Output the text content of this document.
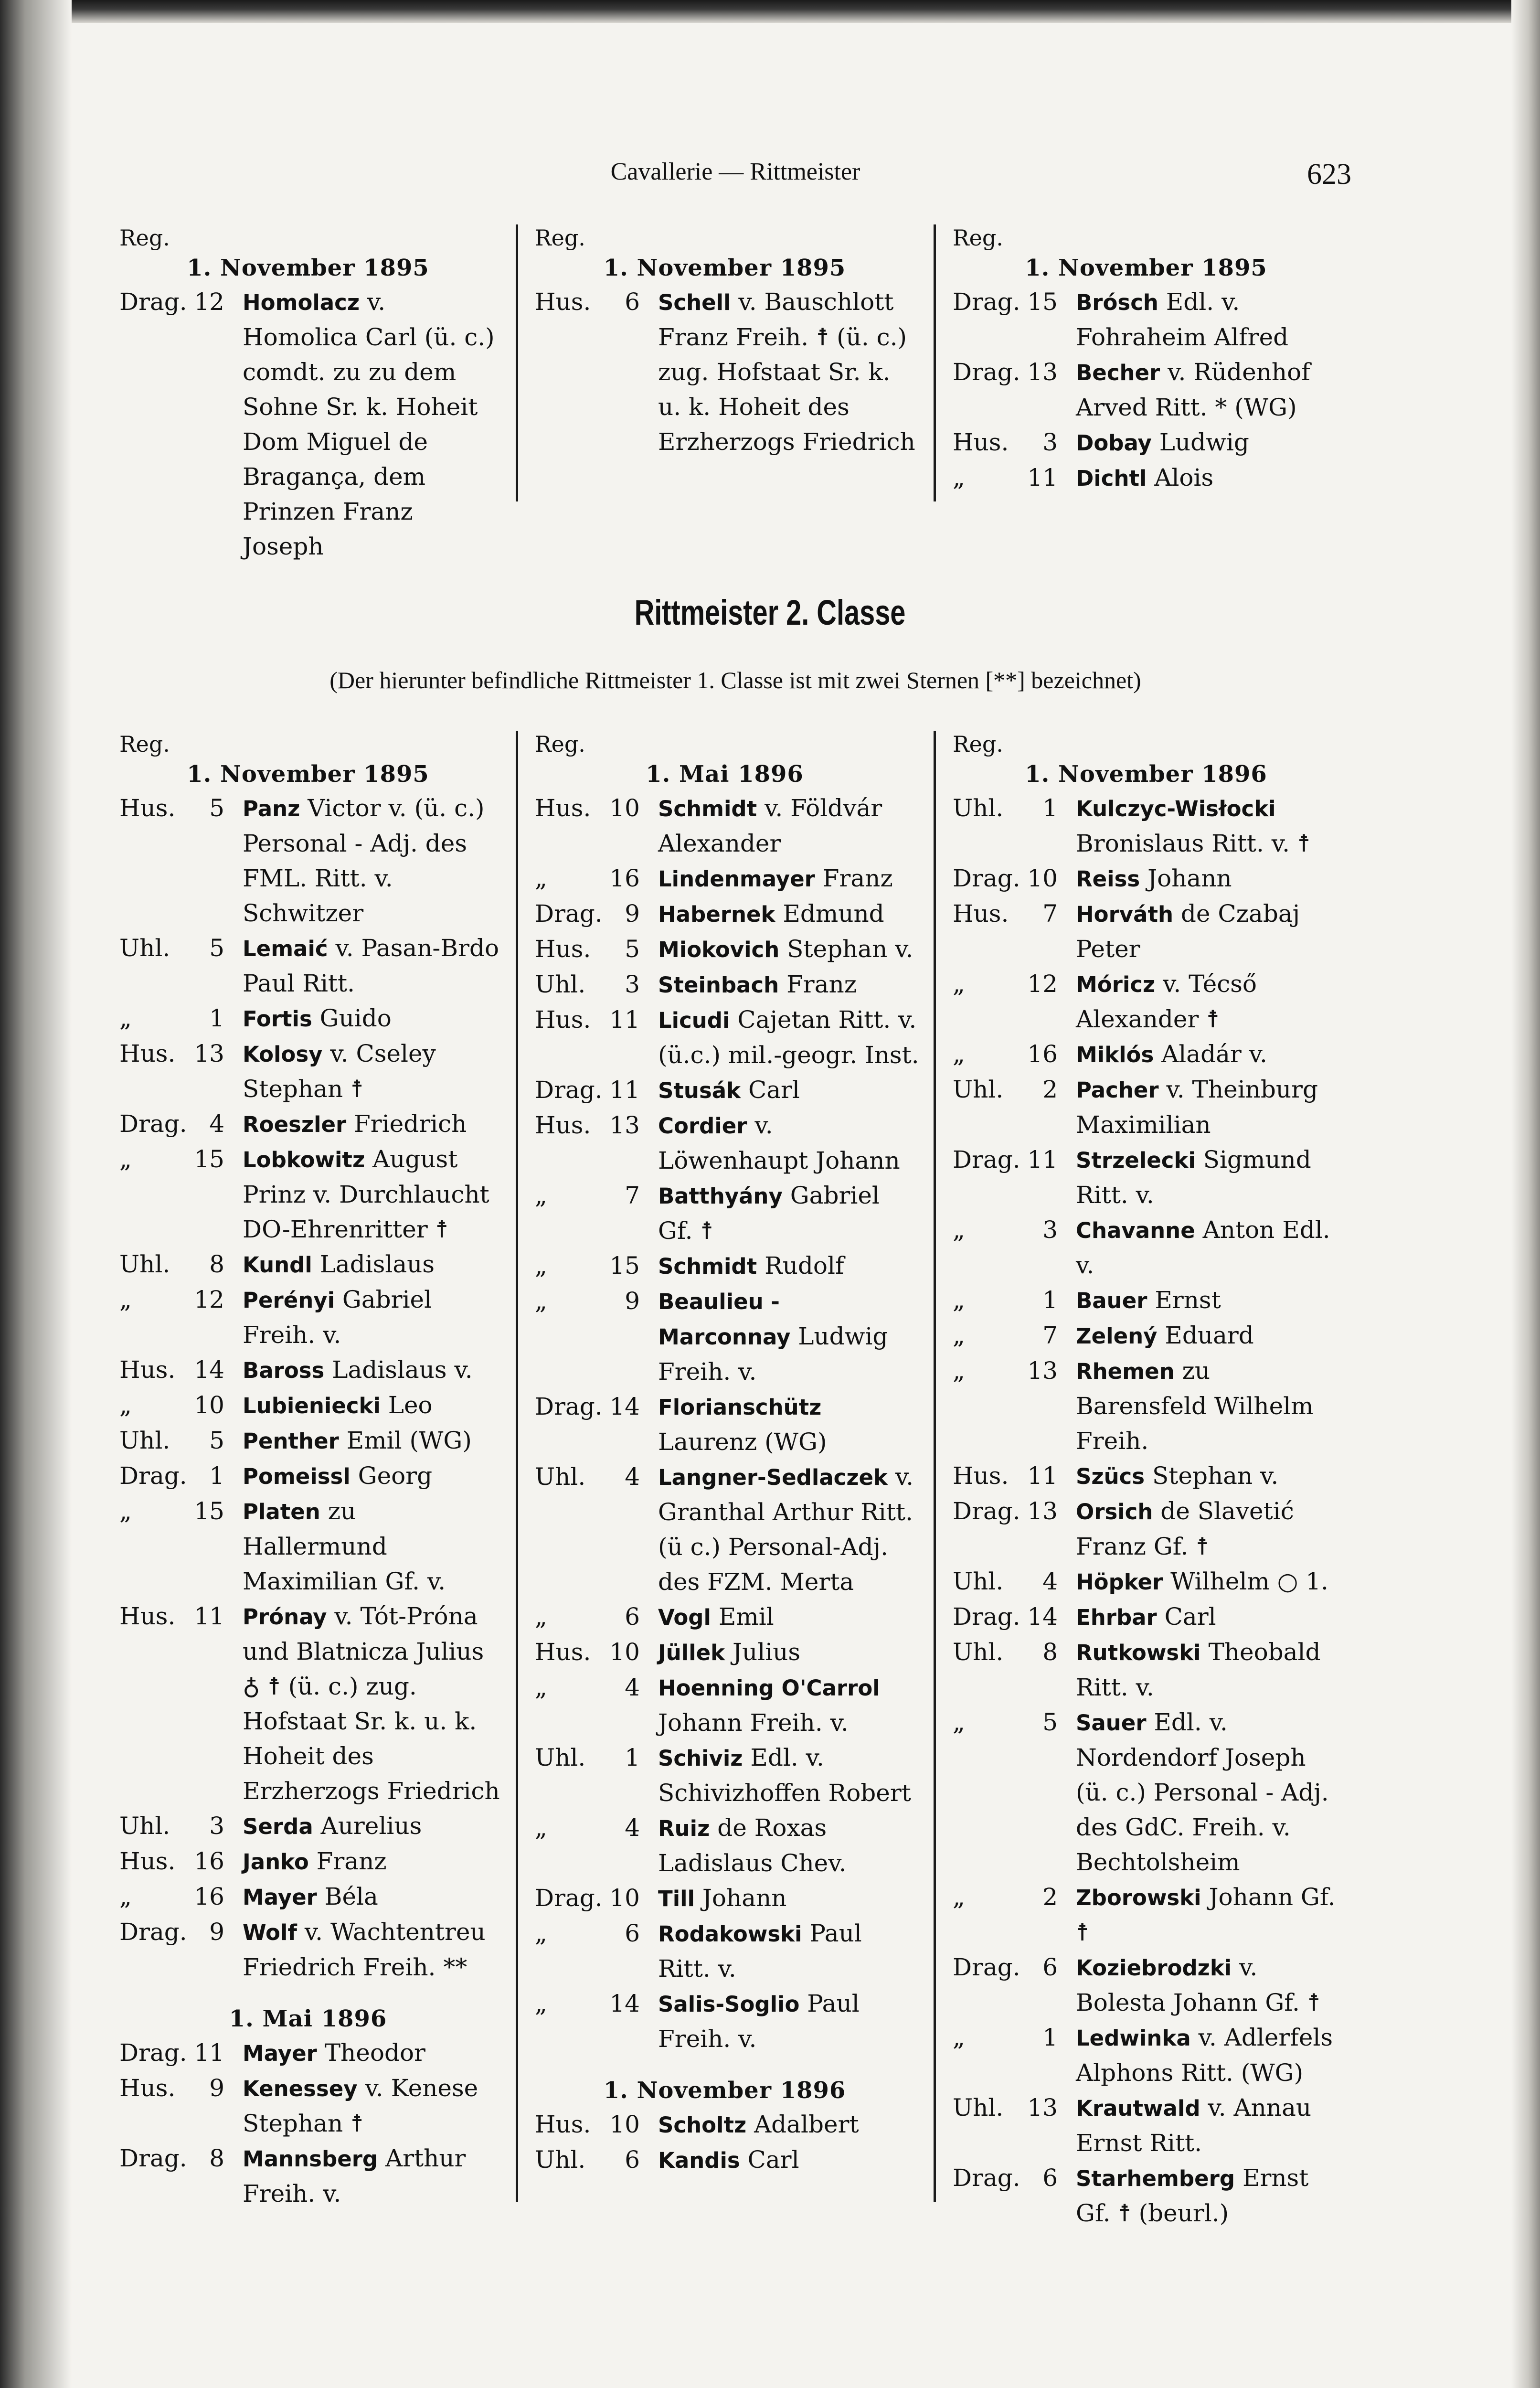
Cavallerie — Rittmeister	623
Reg.
1. November 1895
Drag. 12 Homolacz v. Homolica Carl (ü. c.) comdt. zu zu dem Sohne Sr. k. Hoheit Dom Miguel de Bragança, dem Prinzen Franz Joseph
Reg.
1. November 1895
Hus.	6 Schell v. Bauschlott Franz Freih. ☨ (ü. c.) zug. Hofstaat Sr. k. u. k. Hoheit des Erzherzogs Friedrich
Reg.
1. November 1895
Drag. 15 Brósch Edl. v. Fohraheim Alfred
Drag. 13 Becher v. Rüdenhof Arved Ritt. * (WG)
Hus.	3 Dobay Ludwig
„	11 Dichtl Alois
Rittmeister 2. Classe
(Der hierunter befindliche Rittmeister 1. Classe ist mit zwei Sternen [**] bezeichnet)
Reg.
1. November 1895
Hus.	5 Panz Victor v. (ü. c.) Personal - Adj. des FML. Ritt. v. Schwitzer
Uhl.	5 Lemaić v. Pasan-Brdo Paul Ritt.
„	1 Fortis Guido
Hus. 13 Kolosy v. Cseley Stephan ☨
Drag. 4 Roeszler Friedrich
„	15 Lobkowitz August Prinz v. Durchlaucht DO-Ehrenritter ☨
Uhl.	8 Kundl Ladislaus
„	12 Perényi Gabriel Freih. v.
Hus. 14 Baross Ladislaus v.
„	10 Lubieniecki Leo
Uhl.	5 Penther Emil (WG)
Drag. 1 Pomeissl Georg
„	15 Platen zu Hallermund Maximilian Gf. v.
Hus. 11 Prónay v. Tót-Próna und Blatnicza Julius ♁ ☨ (ü. c.) zug. Hofstaat Sr. k. u. k. Hoheit des Erzherzogs Friedrich
Uhl.	3 Serda Aurelius
Hus. 16 Janko Franz
„	16 Mayer Béla
Drag. 9 Wolf v. Wachtentreu Friedrich Freih. **
1. Mai 1896
Drag. 11 Mayer Theodor
Hus.	9 Kenessey v. Kenese Stephan ☨
Drag. 8 Mannsberg Arthur Freih. v.
Reg.
1. Mai 1896
Hus. 10 Schmidt v. Földvár Alexander
„	16 Lindenmayer Franz
Drag. 9 Habernek Edmund
Hus.	5 Miokovich Stephan v.
Uhl.	3 Steinbach Franz
Hus. 11 Licudi Cajetan Ritt. v. (ü.c.) mil.-geogr. Inst.
Drag. 11 Stusák Carl
Hus. 13 Cordier v. Löwenhaupt Johann
„	7 Batthyány Gabriel Gf. ☨
„	15 Schmidt Rudolf
„	9 Beaulieu - Marconnay Ludwig Freih. v.
Drag. 14 Florianschütz Laurenz (WG)
Uhl.	4 Langner-Sedlaczek v. Granthal Arthur Ritt. (ü c.) Personal-Adj. des FZM. Merta
„	6 Vogl Emil
Hus. 10 Jüllek Julius
„	4 Hoenning O'Carrol Johann Freih. v.
Uhl.	1 Schiviz Edl. v. Schivizhoffen Robert
„	4 Ruiz de Roxas Ladislaus Chev.
Drag. 10 Till Johann
„	6 Rodakowski Paul Ritt. v.
„	14 Salis-Soglio Paul Freih. v.
1. November 1896
Hus. 10 Scholtz Adalbert
Uhl.	6 Kandis Carl
Reg.
1. November 1896
Uhl.	1 Kulczyc-Wisłocki Bronislaus Ritt. v. ☨
Drag. 10 Reiss Johann
Hus.	7 Horváth de Czabaj Peter
„	12 Móricz v. Técső Alexander ☨
„	16 Miklós Aladár v.
Uhl.	2 Pacher v. Theinburg Maximilian
Drag. 11 Strzelecki Sigmund Ritt. v.
„	3 Chavanne Anton Edl. v.
„	1 Bauer Ernst
„	7 Zelený Eduard
„	13 Rhemen zu Barensfeld Wilhelm Freih.
Hus. 11 Szücs Stephan v.
Drag. 13 Orsich de Slavetić Franz Gf. ☨
Uhl.	4 Höpker Wilhelm ○ 1.
Drag. 14 Ehrbar Carl
Uhl.	8 Rutkowski Theobald Ritt. v.
„	5 Sauer Edl. v. Nordendorf Joseph (ü. c.) Personal - Adj. des GdC. Freih. v. Bechtolsheim
„	2 Zborowski Johann Gf. ☨
Drag. 6 Koziebrodzki v. Bolesta Johann Gf. ☨
„	1 Ledwinka v. Adlerfels Alphons Ritt. (WG)
Uhl.	13 Krautwald v. Annau Ernst Ritt.
Drag. 6 Starhemberg Ernst Gf. ☨ (beurl.)
